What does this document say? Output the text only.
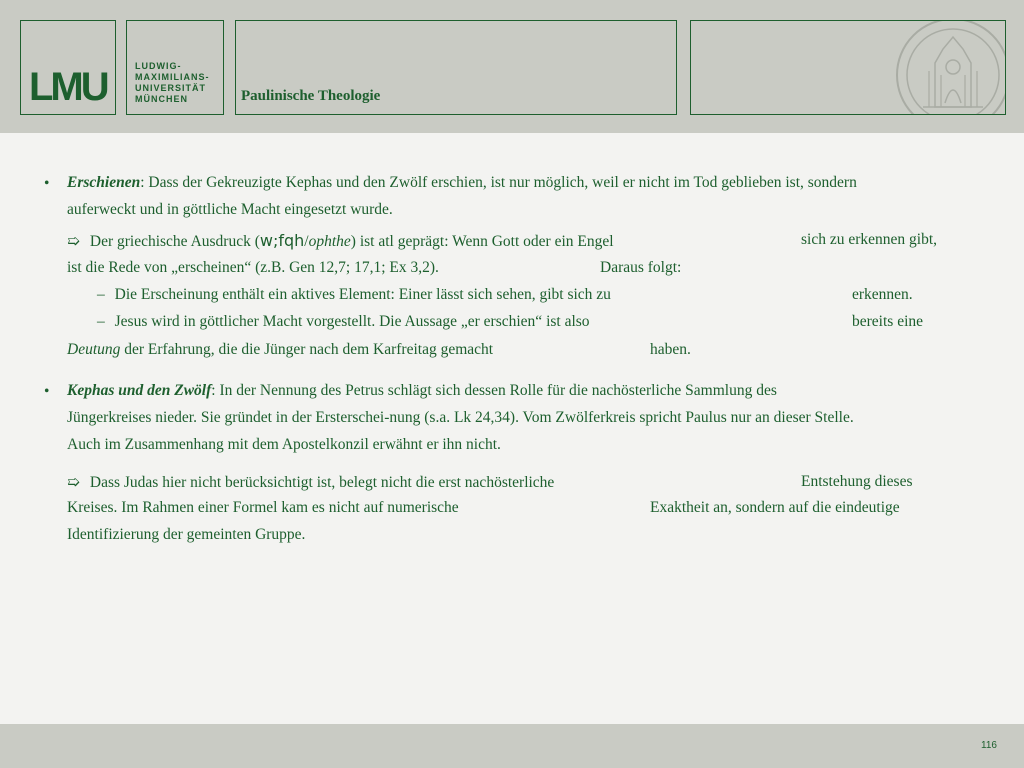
LMU	LUDWIG-
MAXIMILIANS-
UNIVERSITÄT
MÜNCHEN	Paulinische Theologie
• Erschienen: Dass der Gekreuzigte Kephas und den Zwölf erschien, ist nur möglich, weil er nicht im Tod geblieben ist, sondern
auferweckt und in göttliche Macht eingesetzt wurde.
➯ Der griechische Ausdruck (w;fqh/ophthe) ist atl geprägt: Wenn Gott oder ein Engel	sich zu erkennen gibt,
ist die Rede von „erscheinen“ (z.B. Gen 12,7; 17,1; Ex 3,2).	Daraus folgt:
– Die Erscheinung enthält ein aktives Element: Einer lässt sich sehen, gibt sich zu	erkennen.
– Jesus wird in göttlicher Macht vorgestellt. Die Aussage „er erschien“ ist also	bereits eine
Deutung der Erfahrung, die die Jünger nach dem Karfreitag gemacht	haben.
• Kephas und den Zwölf: In der Nennung des Petrus schlägt sich dessen Rolle für die nachösterliche Sammlung des
Jüngerkreises nieder. Sie gründet in der Ersterschei-nung (s.a. Lk 24,34). Vom Zwölferkreis spricht Paulus nur an dieser Stelle.
Auch im Zusammenhang mit dem Apostelkonzil erwähnt er ihn nicht.
➯ Dass Judas hier nicht berücksichtigt ist, belegt nicht die erst nachösterliche	Entstehung dieses
Kreises. Im Rahmen einer Formel kam es nicht auf numerische	Exaktheit an, sondern auf die eindeutige
Identifizierung der gemeinten Gruppe.
116
